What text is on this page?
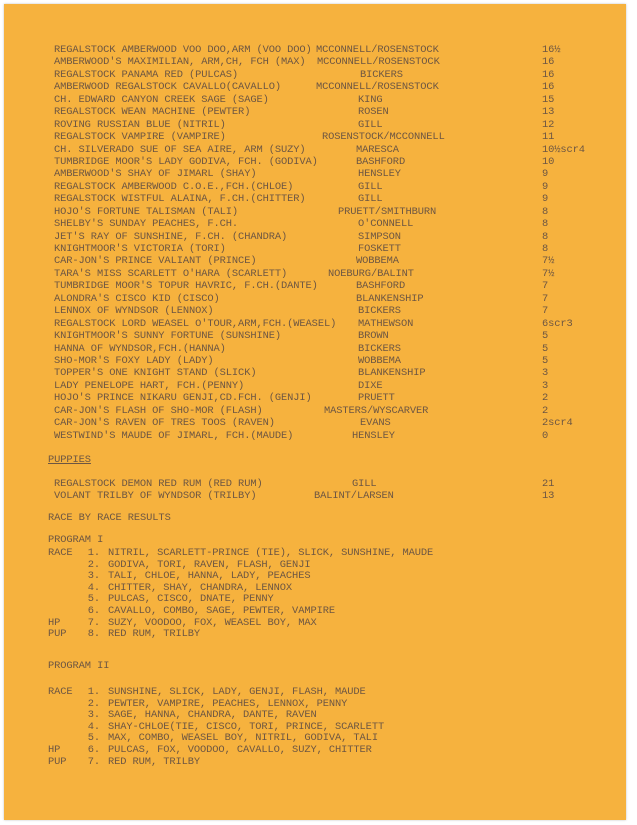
REGALSTOCK AMBERWOOD VOO DOO,ARM (VOO DOO) MCCONNELL/ROSENSTOCK	16½
AMBERWOOD'S MAXIMILIAN, ARM,CH, FCH (MAX) MCCONNELL/ROSENSTOCK	16
REGALSTOCK PANAMA RED (PULCAS)	BICKERS	16
AMBERWOOD REGALSTOCK CAVALLO(CAVALLO)	MCCONNELL/ROSENSTOCK	16
CH. EDWARD CANYON CREEK SAGE (SAGE)	KING	15
REGALSTOCK WEAN MACHINE (PEWTER)	ROSEN	13
ROVING RUSSIAN BLUE (NITRIL)	GILL	12
REGALSTOCK VAMPIRE (VAMPIRE)	ROSENSTOCK/MCCONNELL	11
CH. SILVERADO SUE OF SEA AIRE, ARM (SUZY)	MARESCA	10½scr4
TUMBRIDGE MOOR'S LADY GODIVA, FCH. (GODIVA)	BASHFORD	10
AMBERWOOD'S SHAY OF JIMARL (SHAY)	HENSLEY	9
REGALSTOCK AMBERWOOD C.O.E.,FCH.(CHLOE)	GILL	9
REGALSTOCK WISTFUL ALAINA, F.CH.(CHITTER)	GILL	9
HOJO'S FORTUNE TALISMAN (TALI)	PRUETT/SMITHBURN	8
SHELBY'S SUNDAY PEACHES, F.CH.	O'CONNELL	8
JET'S RAY OF SUNSHINE, F.CH. (CHANDRA)	SIMPSON	8
KNIGHTMOOR'S VICTORIA (TORI)	FOSKETT	8
CAR-JON'S PRINCE VALIANT (PRINCE)	WOBBEMA	7½
TARA'S MISS SCARLETT O'HARA (SCARLETT)	NOEBURG/BALINT	7½
TUMBRIDGE MOOR'S TOPUR HAVRIC, F.CH.(DANTE)	BASHFORD	7
ALONDRA'S CISCO KID (CISCO)	BLANKENSHIP	7
LENNOX OF WYNDSOR (LENNOX)	BICKERS	7
REGALSTOCK LORD WEASEL O'TOUR,ARM,FCH.(WEASEL) MATHEWSON	6scr3
KNIGHTMOOR'S SUNNY FORTUNE (SUNSHINE)	BROWN	5
HANNA OF WYNDSOR,FCH.(HANNA)	BICKERS	5
SHO-MOR'S FOXY LADY (LADY)	WOBBEMA	5
TOPPER'S ONE KNIGHT STAND (SLICK)	BLANKENSHIP	3
LADY PENELOPE HART, FCH.(PENNY)	DIXE	3
HOJO'S PRINCE NIKARU GENJI,CD.FCH. (GENJI)	PRUETT	2
CAR-JON'S FLASH OF SHO-MOR (FLASH)	MASTERS/WYSCARVER	2
CAR-JON'S RAVEN OF TRES TOOS (RAVEN)	EVANS	2scr4
WESTWIND'S MAUDE OF JIMARL, FCH.(MAUDE)	HENSLEY	0
PUPPIES
REGALSTOCK DEMON RED RUM (RED RUM)	GILL	21
VOLANT TRILBY OF WYNDSOR (TRILBY)	BALINT/LARSEN	13
RACE BY RACE RESULTS
PROGRAM I
RACE 1. NITRIL, SCARLETT-PRINCE (TIE), SLICK, SUNSHINE, MAUDE
2. GODIVA, TORI, RAVEN, FLASH, GENJI
3. TALI, CHLOE, HANNA, LADY, PEACHES
4. CHITTER, SHAY, CHANDRA, LENNOX
5. PULCAS, CISCO, DNATE, PENNY
6. CAVALLO, COMBO, SAGE, PEWTER, VAMPIRE
HP	7. SUZY, VOODOO, FOX, WEASEL BOY, MAX
PUP 8. RED RUM, TRILBY
PROGRAM II
RACE 1. SUNSHINE, SLICK, LADY, GENJI, FLASH, MAUDE
2. PEWTER, VAMPIRE, PEACHES, LENNOX, PENNY
3. SAGE, HANNA, CHANDRA, DANTE, RAVEN
4. SHAY-CHLOE(TIE, CISCO, TORI, PRINCE, SCARLETT
5. MAX, COMBO, WEASEL BOY, NITRIL, GODIVA, TALI
HP	6. PULCAS, FOX, VOODOO, CAVALLO, SUZY, CHITTER
PUP 7. RED RUM, TRILBY
